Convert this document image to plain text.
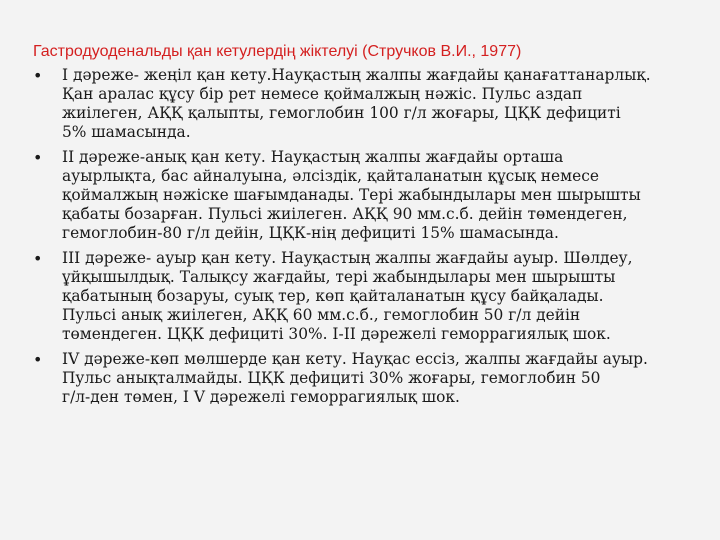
Гастродуоденальды қан кетулердің жіктелуі (Стручков В.И., 1977)
• I дәреже- жеңіл қан кету.Науқастың жалпы жағдайы қанағаттанарлық.
Қан аралас құсу бір рет немесе қоймалжың нәжіс. Пульс аздап
жиілеген, АҚҚ қалыпты, гемоглобин 100 г/л жоғары, ЦҚК дефициті
5% шамасында.
• II дәреже-анық қан кету. Науқастың жалпы жағдайы орташа
ауырлықта, бас айналуына, әлсіздік, қайталанатын құсық немесе
қоймалжың нәжіске шағымданады. Тері жабындылары мен шырышты
қабаты бозарған. Пульсі жиілеген. АҚҚ 90 мм.с.б. дейін төмендеген,
гемоглобин-80 г/л дейін, ЦҚК-нің дефициті 15% шамасында.
• III дәреже- ауыр қан кету. Науқастың жалпы жағдайы ауыр. Шөлдеу,
ұйқышылдық. Талықсу жағдайы, тері жабындылары мен шырышты
қабатының бозаруы, суық тер, көп қайталанатын құсу байқалады.
Пульсі анық жиілеген, АҚҚ 60 мм.с.б., гемоглобин 50 г/л дейін
төмендеген. ЦҚК дефициті 30%. I-II дәрежелі геморрагиялық шок.
• IV дәреже-көп мөлшерде қан кету. Науқас ессіз, жалпы жағдайы ауыр.
Пульс анықталмайды. ЦҚК дефициті 30% жоғары, гемоглобин 50
г/л-ден төмен, I V дәрежелі геморрагиялық шок.
